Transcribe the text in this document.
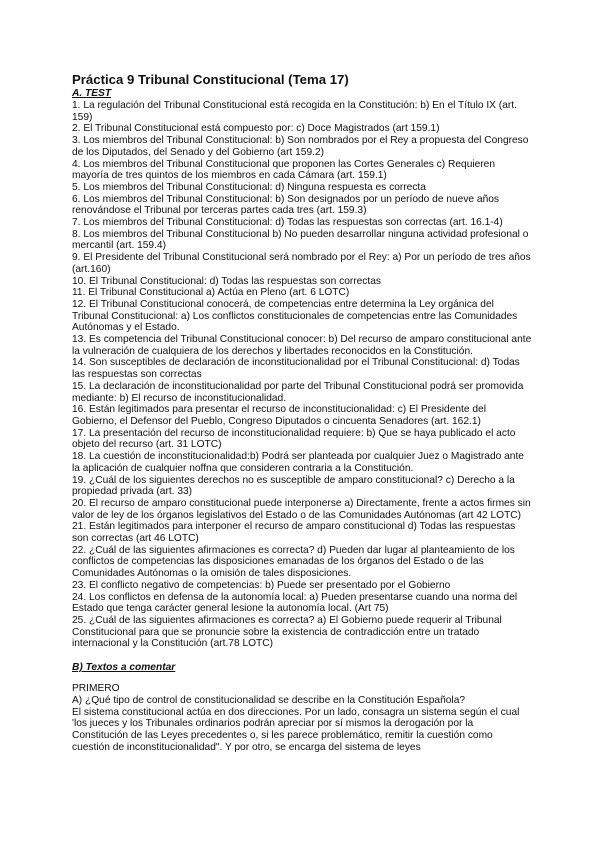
Práctica 9 Tribunal Constitucional (Tema 17)
A. TEST

1. La regulación del Tribunal Constitucional está recogida en la Constitución: b) En el Título IX (art. 159)

2. El Tribunal Constitucional está compuesto por: c) Doce Magistrados (art 159.1)

3. Los miembros del Tribunal Constitucional: b) Son nombrados por el Rey a propuesta del Congreso de los Diputados, del Senado y del Gobierno (art 159.2)

4. Los miembros del Tribunal Constitucional que proponen las Cortes Generales c) Requieren mayoría de tres quintos de los miembros en cada Cámara (art. 159.1)

5. Los miembros del Tribunal Constitucional: d) Ninguna respuesta es correcta

6. Los miembros del Tribunal Constitucional: b) Son designados por un período de nueve años renovándose el Tribunal por terceras partes cada tres (art. 159.3)

7. Los miembros del Tribunal Constitucional: d) Todas las respuestas son correctas (art. 16.1-4)

8. Los miembros del Tribunal Constitucional b) No pueden desarrollar ninguna actividad profesional o mercantil (art. 159.4)

9. El Presidente del Tribunal Constitucional será nombrado por el Rey: a) Por un período de tres años (art.160)

10. El Tribunal Constitucional: d) Todas las respuestas son correctas

11. El Tribunal Constitucional a) Actúa en Pleno (art. 6 LOTC)

12. El Tribunal Constitucional conocerá, de competencias entre determina la Ley orgánica del Tribunal Constitucional: a) Los conflictos constitucionales de competencias entre las Comunidades Autónomas y el Estado.

13. Es competencia del Tribunal Constitucional conocer: b) Del recurso de amparo constitucional ante la vulneración de cualquiera de los derechos y libertades reconocidos en la Constitución.

14. Son susceptibles de declaración de inconstitucionalidad por el Tribunal Constitucional: d) Todas las respuestas son correctas

15. La declaración de inconstitucionalidad por parte del Tribunal Constitucional podrá ser promovida mediante: b) El recurso de inconstitucionalidad.

16. Están legitimados para presentar el recurso de inconstitucionalidad: c) El Presidente del Gobierno, el Defensor del Pueblo, Congreso Diputados o cincuenta Senadores (art. 162.1)

17. La presentación del recurso de inconstitucionalidad requiere: b) Que se haya publicado el acto objeto del recurso (art. 31 LOTC)

18. La cuestión de inconstitucionalidad:b) Podrá ser planteada por cualquier Juez o Magistrado ante la aplicación de cualquier noffna que consideren contraria a la Constitución.

19. ¿Cuál de los siguientes derechos no es susceptible de amparo constitucional? c) Derecho a la propiedad privada (art. 33)

20. El recurso de amparo constitucional puede interponerse a) Directamente, frente a actos firmes sin valor de ley de los órganos legislativos del Estado o de las Comunidades Autónomas (art 42 LOTC)

21. Están legitimados para interponer el recurso de amparo constitucional d) Todas las respuestas son correctas (art 46 LOTC)

22. ¿Cuál de las siguientes afirmaciones es correcta? d) Pueden dar lugar al planteamiento de los conflictos de competencias las disposiciones emanadas de los órganos del Estado o de las Comunidades Autónomas o la omisión de tales disposiciones.

23. El conflicto negativo de competencias: b) Puede ser presentado por el Gobierno

24. Los conflictos en defensa de la autonomía local: a) Pueden presentarse cuando una norma del Estado que tenga carácter general lesione la autonomía local. (Art 75)

25. ¿Cuál de las siguientes afirmaciones es correcta? a) El Gobierno puede requerir al Tribunal Constitucional para que se pronuncie sobre la existencia de contradicción entre un tratado internacional y la Constitución (art.78 LOTC)

B) Textos a comentar
PRIMERO

A) ¿Qué tipo de control de constitucionalidad se describe en la Constitución Española?

El sistema constitucional actúa en dos direcciones. Por un lado, consagra un sistema según el cual 'los jueces y los Tribunales ordinarios podrán apreciar por sí mismos la derogación por la Constitución de las Leyes precedentes o, si les parece problemático, remitir la cuestión como cuestión de inconstitucionalidad". Y por otro, se encarga del sistema de leyes
